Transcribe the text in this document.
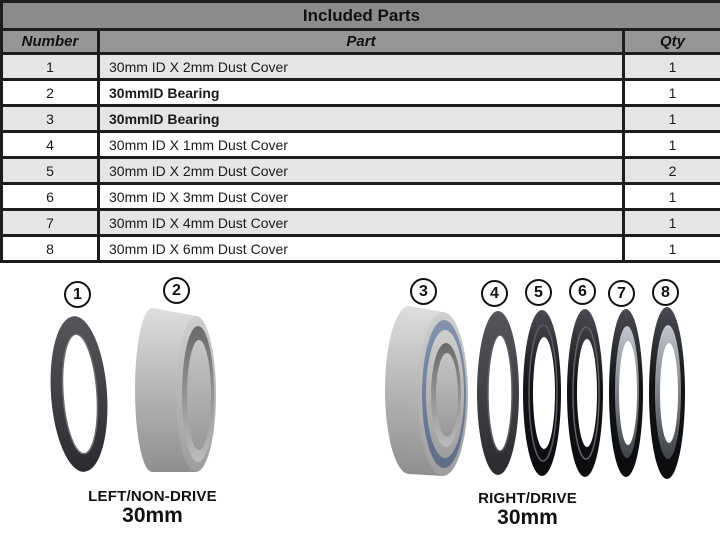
Included Parts		
Number	Part	Qty
1	30mm ID X 2mm Dust Cover	1
2	30mmID Bearing	1
3	30mmID Bearing	1
4	30mm ID X 1mm Dust Cover	1
5	30mm ID X 2mm Dust Cover	2
6	30mm ID X 3mm Dust Cover	1
7	30mm ID X 4mm Dust Cover	1
8	30mm ID X 6mm Dust Cover	1
1	2	3	4	5	6	7	8
LEFT/NON-DRIVE
30mm
RIGHT/DRIVE
30mm
